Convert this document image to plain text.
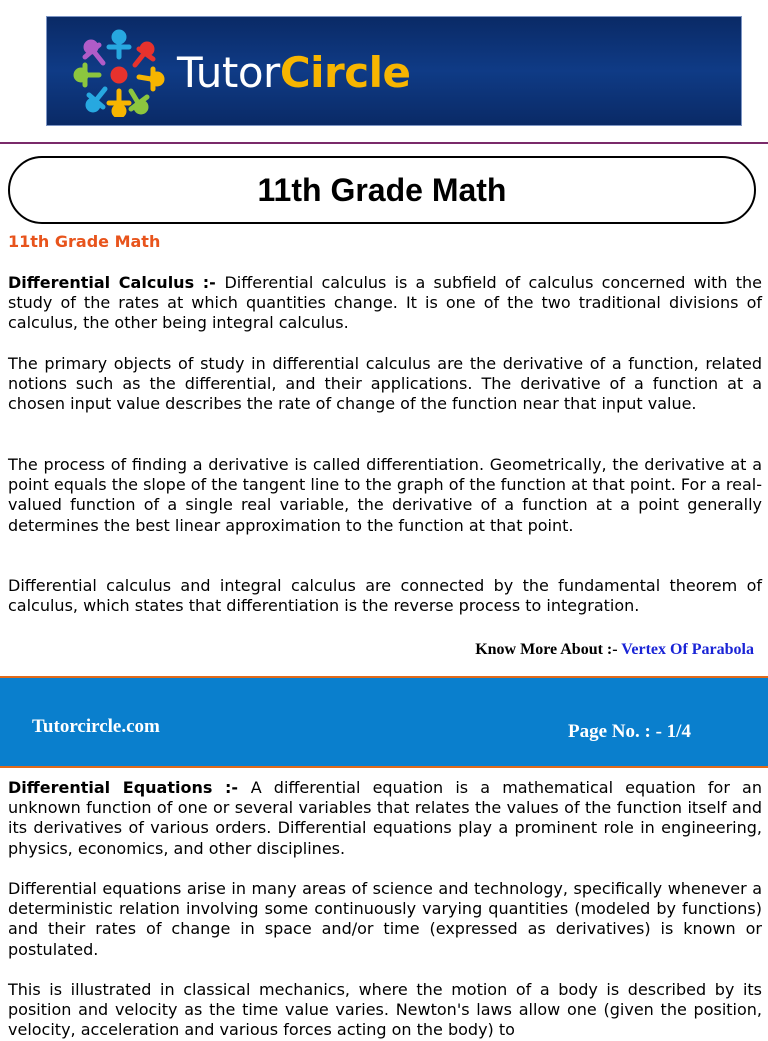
TutorCircle
11th Grade Math
11th Grade Math

Differential Calculus :- Differential calculus is a subfield of calculus concerned with the study of the rates at which quantities change. It is one of the two traditional divisions of calculus, the other being integral calculus.

The primary objects of study in differential calculus are the derivative of a function, related notions such as the differential, and their applications. The derivative of a function at a chosen input value describes the rate of change of the function near that input value.

The process of finding a derivative is called differentiation. Geometrically, the derivative at a point equals the slope of the tangent line to the graph of the function at that point. For a real-valued function of a single real variable, the derivative of a function at a point generally determines the best linear approximation to the function at that point.

Differential calculus and integral calculus are connected by the fundamental theorem of calculus, which states that differentiation is the reverse process to integration.

Know More About :- Vertex Of Parabola
Tutorcircle.com	Page No. : - 1/4

Differential Equations :- A differential equation is a mathematical equation for an unknown function of one or several variables that relates the values of the function itself and its derivatives of various orders. Differential equations play a prominent role in engineering, physics, economics, and other disciplines.

Differential equations arise in many areas of science and technology, specifically whenever a deterministic relation involving some continuously varying quantities (modeled by functions) and their rates of change in space and/or time (expressed as derivatives) is known or postulated.

This is illustrated in classical mechanics, where the motion of a body is described by its position and velocity as the time value varies. Newton's laws allow one (given the position, velocity, acceleration and various forces acting on the body) to
